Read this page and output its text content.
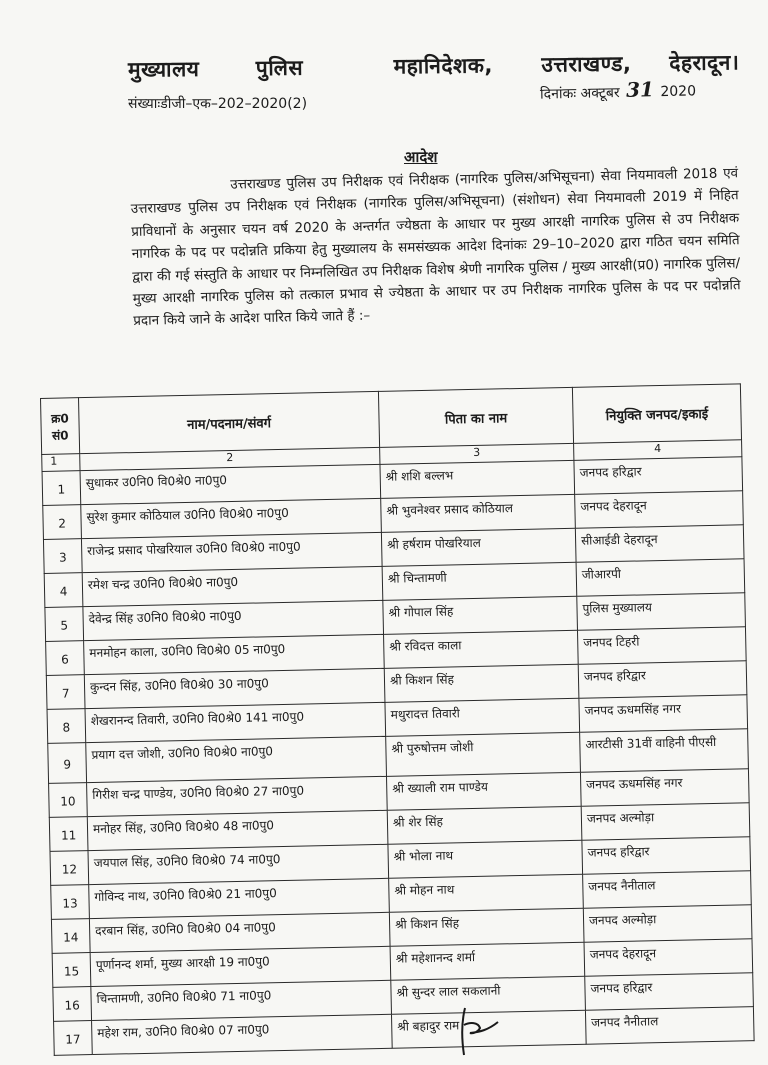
मुख्यालय	पुलिस	महानिदेशक, उत्तराखण्ड, देहरादून।
संख्याःडीजी–एक–202–2020(2)
दिनांकः अक्टूबर 31 2020
आदेश

उत्तराखण्ड पुलिस उप निरीक्षक एवं निरीक्षक (नागरिक पुलिस/अभिसूचना) सेवा नियमावली 2018 एवं उत्तराखण्ड पुलिस उप निरीक्षक एवं निरीक्षक (नागरिक पुलिस/अभिसूचना) (संशोधन) सेवा नियमावली 2019 में निहित प्राविधानों के अनुसार चयन वर्ष 2020 के अन्तर्गत ज्येष्ठता के आधार पर मुख्य आरक्षी नागरिक पुलिस से उप निरीक्षक नागरिक के पद पर पदोन्नति प्रकिया हेतु मुख्यालय के समसंख्यक आदेश दिनांकः 29–10–2020 द्वारा गठित चयन समिति द्वारा की गई संस्तुति के आधार पर निम्नलिखित उप निरीक्षक विशेष श्रेणी नागरिक पुलिस / मुख्य आरक्षी(प्र0) नागरिक पुलिस/मुख्य आरक्षी नागरिक पुलिस को तत्काल प्रभाव से ज्येष्ठता के आधार पर उप निरीक्षक नागरिक पुलिस के पद पर पदोन्नति प्रदान किये जाने के आदेश पारित किये जाते हैं :–

क्र0 सं0	नाम/पदनाम/संवर्ग	पिता का नाम	नियुक्ति जनपद/इकाई
1	2	3	4
1	सुधाकर उ0नि0 वि0श्रे0 ना0पु0	श्री शशि बल्लभ	जनपद हरिद्वार
2	सुरेश कुमार कोठियाल उ0नि0 वि0श्रे0 ना0पु0	श्री भुवनेश्वर प्रसाद कोठियाल	जनपद देहरादून
3	राजेन्द्र प्रसाद पोखरियाल उ0नि0 वि0श्रे0 ना0पु0	श्री हर्षराम पोखरियाल	सीआईडी देहरादून
4	रमेश चन्द्र उ0नि0 वि0श्रे0 ना0पु0	श्री चिन्तामणी	जीआरपी
5	देवेन्द्र सिंह उ0नि0 वि0श्रे0 ना0पु0	श्री गोपाल सिंह	पुलिस मुख्यालय
6	मनमोहन काला, उ0नि0 वि0श्रे0 05 ना0पु0	श्री रविदत्त काला	जनपद टिहरी
7	कुन्दन सिंह, उ0नि0 वि0श्रे0 30 ना0पु0	श्री किशन सिंह	जनपद हरिद्वार
8	शेखरानन्द तिवारी, उ0नि0 वि0श्रे0 141 ना0पु0	मथुरादत्त तिवारी	जनपद ऊधमसिंह नगर
9	प्रयाग दत्त जोशी, उ0नि0 वि0श्रे0 ना0पु0	श्री पुरुषोत्तम जोशी	आरटीसी 31वीं वाहिनी पीएसी
10	गिरीश चन्द्र पाण्डेय, उ0नि0 वि0श्रे0 27 ना0पु0	श्री ख्याली राम पाण्डेय	जनपद ऊधमसिंह नगर
11	मनोहर सिंह, उ0नि0 वि0श्रे0 48 ना0पु0	श्री शेर सिंह	जनपद अल्मोड़ा
12	जयपाल सिंह, उ0नि0 वि0श्रे0 74 ना0पु0	श्री भोला नाथ	जनपद हरिद्वार
13	गोविन्द नाथ, उ0नि0 वि0श्रे0 21 ना0पु0	श्री मोहन नाथ	जनपद नैनीताल
14	दरबान सिंह, उ0नि0 वि0श्रे0 04 ना0पु0	श्री किशन सिंह	जनपद अल्मोड़ा
15	पूर्णानन्द शर्मा, मुख्य आरक्षी 19 ना0पु0	श्री महेशानन्द शर्मा	जनपद देहरादून
16	चिन्तामणी, उ0नि0 वि0श्रे0 71 ना0पु0	श्री सुन्दर लाल सकलानी	जनपद हरिद्वार
17	महेश राम, उ0नि0 वि0श्रे0 07 ना0पु0	श्री बहादुर राम	जनपद नैनीताल
